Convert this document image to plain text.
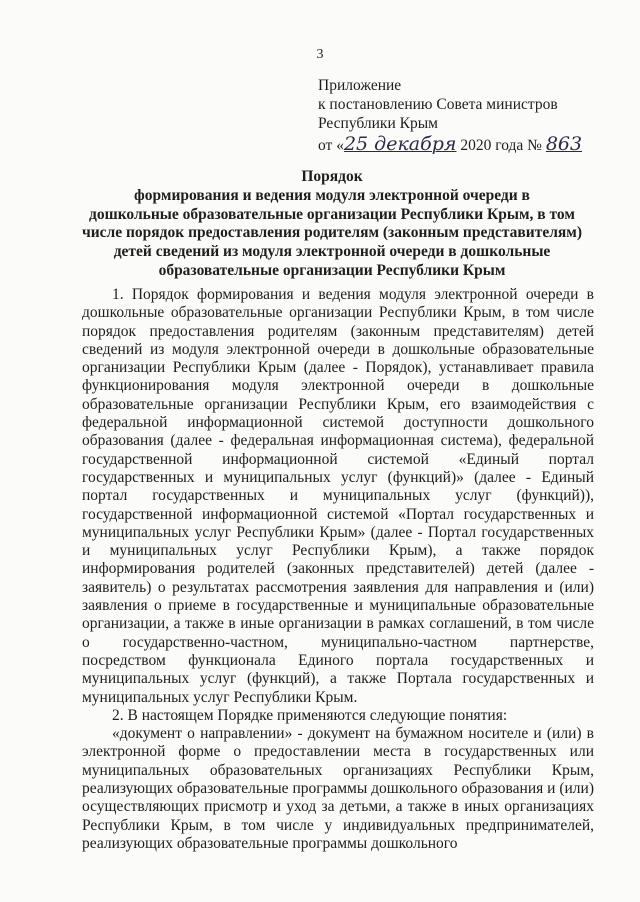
3
Приложение
к постановлению Совета министров
Республики Крым
от «25 декабря 2020 года № 863
Порядок
формирования и ведения модуля электронной очереди в
дошкольные образовательные организации Республики Крым, в том
числе порядок предоставления родителям (законным представителям)
детей сведений из модуля электронной очереди в дошкольные
образовательные организации Республики Крым

1. Порядок формирования и ведения модуля электронной очереди в дошкольные образовательные организации Республики Крым, в том числе порядок предоставления родителям (законным представителям) детей сведений из модуля электронной очереди в дошкольные образовательные организации Республики Крым (далее - Порядок), устанавливает правила функционирования модуля электронной очереди в дошкольные образовательные организации Республики Крым, его взаимодействия с федеральной информационной системой доступности дошкольного образования (далее - федеральная информационная система), федеральной государственной информационной системой «Единый портал государственных и муниципальных услуг (функций)» (далее - Единый портал государственных и муниципальных услуг (функций)), государственной информационной системой «Портал государственных и муниципальных услуг Республики Крым» (далее - Портал государственных и муниципальных услуг Республики Крым), а также порядок информирования родителей (законных представителей) детей (далее - заявитель) о результатах рассмотрения заявления для направления и (или) заявления о приеме в государственные и муниципальные образовательные организации, а также в иные организации в рамках соглашений, в том числе о государственно-частном, муниципально-частном партнерстве, посредством функционала Единого портала государственных и муниципальных услуг (функций), а также Портала государственных и муниципальных услуг Республики Крым.

2. В настоящем Порядке применяются следующие понятия:

«документ о направлении» - документ на бумажном носителе и (или) в электронной форме о предоставлении места в государственных или муниципальных образовательных организациях Республики Крым, реализующих образовательные программы дошкольного образования и (или) осуществляющих присмотр и уход за детьми, а также в иных организациях Республики Крым, в том числе у индивидуальных предпринимателей, реализующих образовательные программы дошкольного
